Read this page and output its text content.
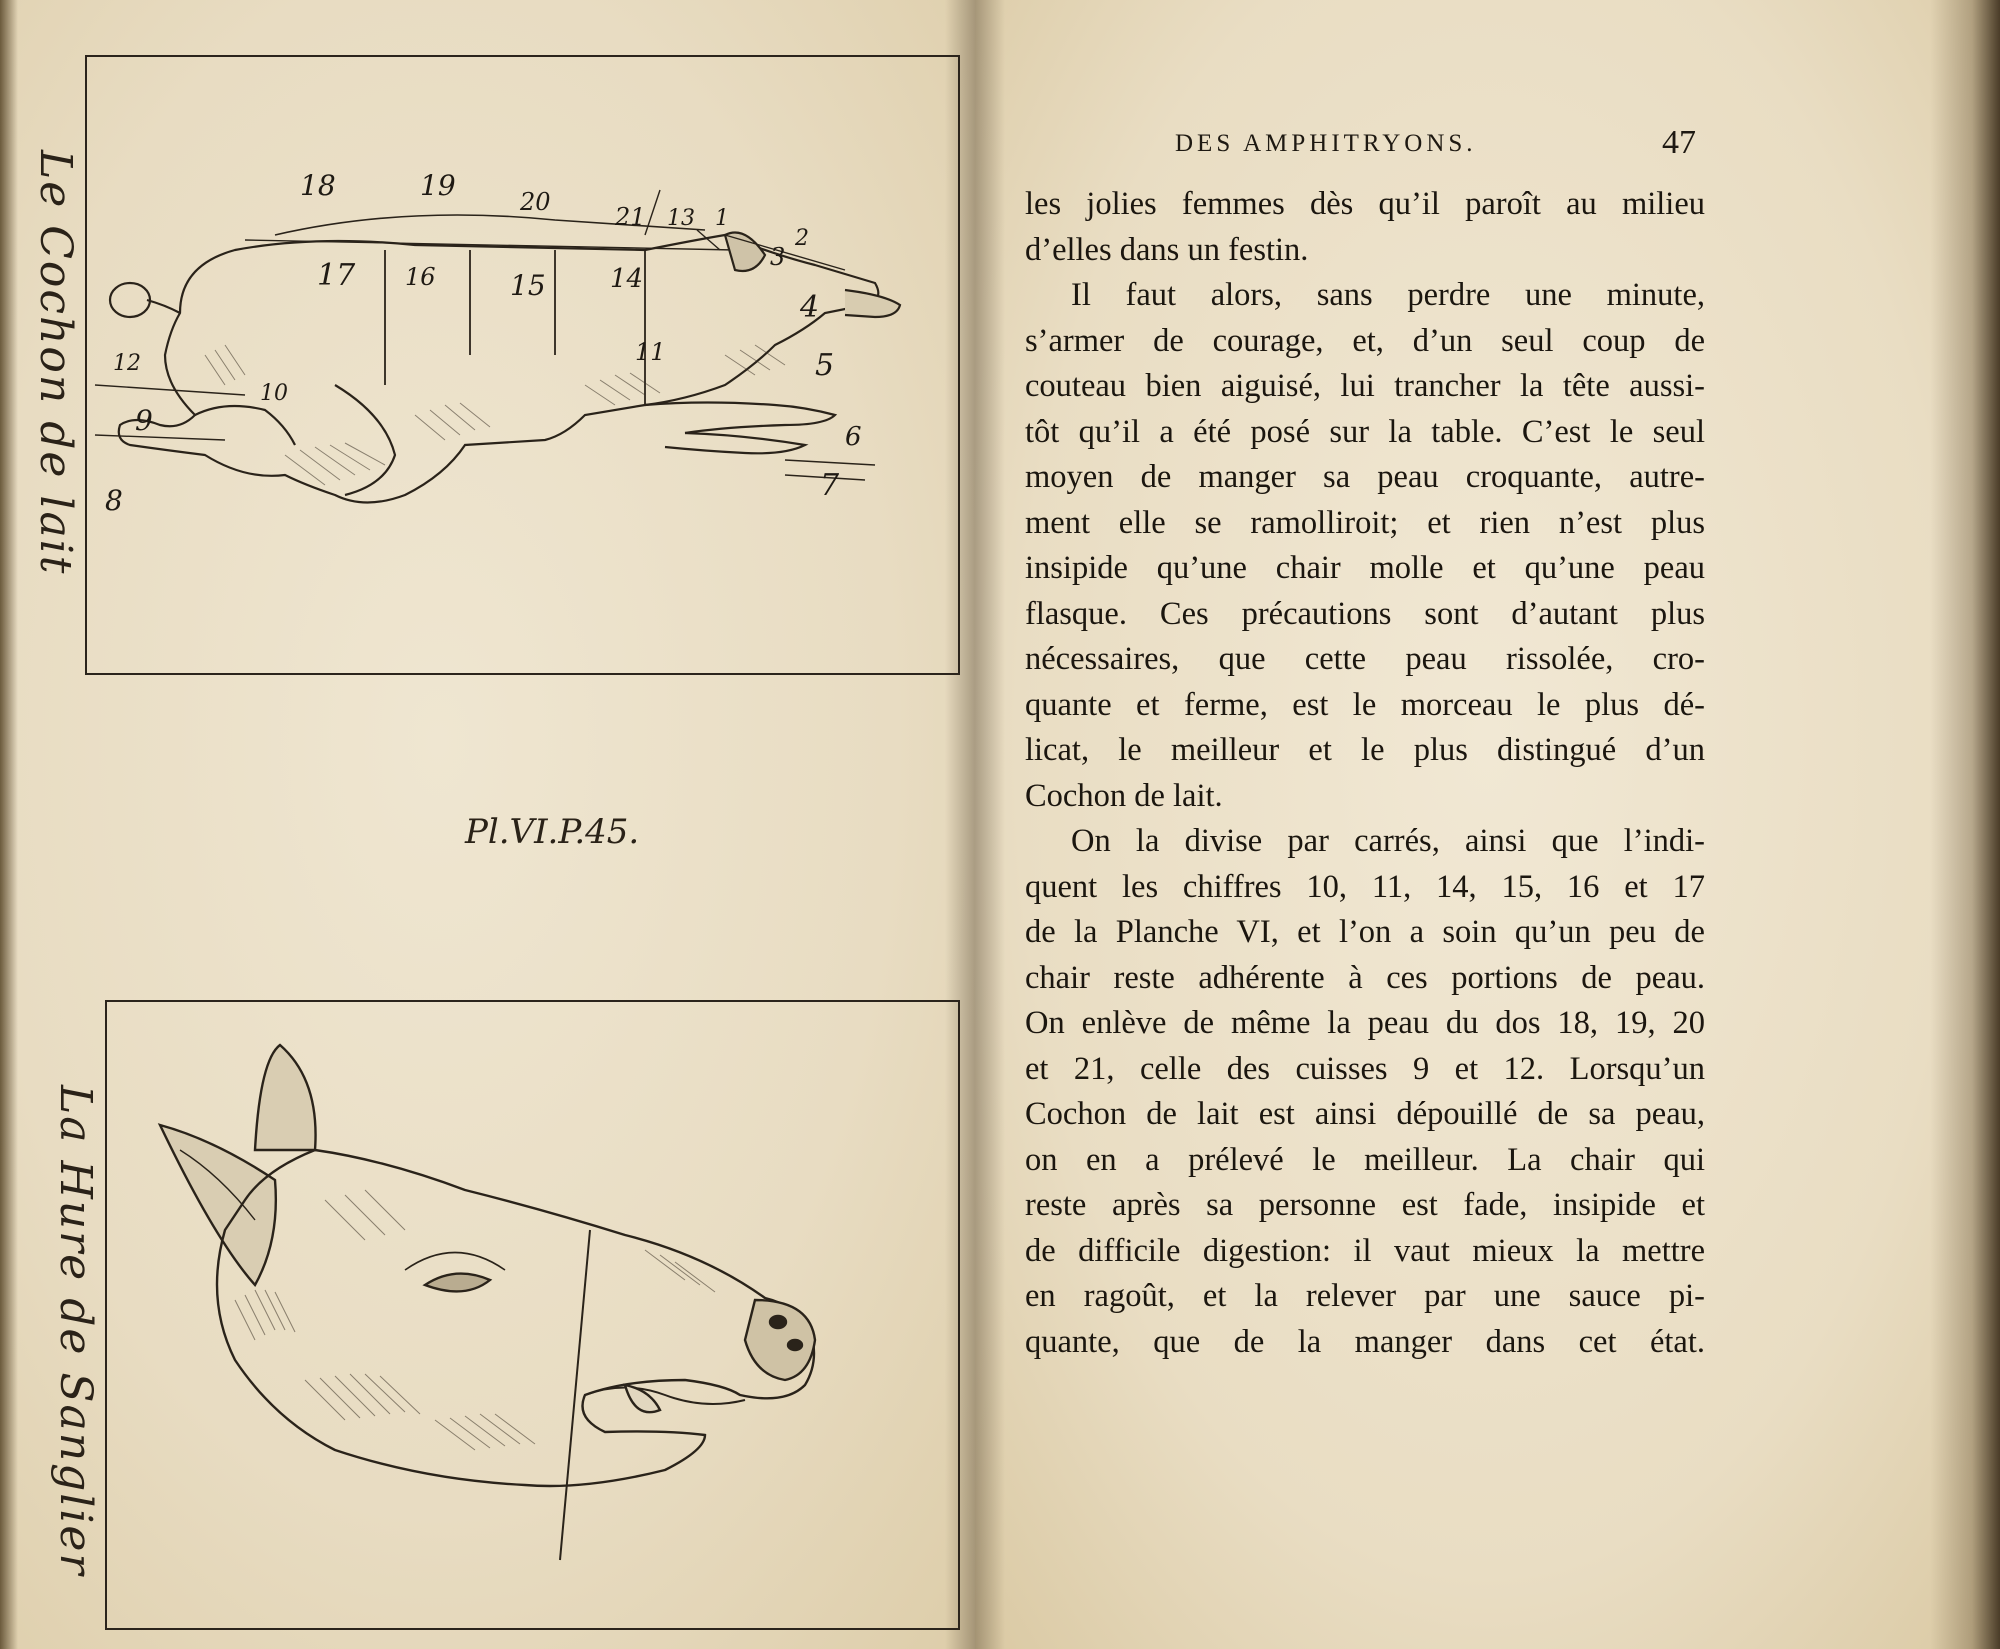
18	19	20
21 13 1
2
3
4
5
6
7
8
9
10
11
12
14
15
16
17
Le Cochon de lait
Pl.VI.P.45.
La Hure de Sanglier
DES AMPHITRYONS.	47
les jolies femmes dès qu’il paroît au milieu
d’elles dans un festin.
Il faut alors, sans perdre une minute,
s’armer de courage, et, d’un seul coup de
couteau bien aiguisé, lui trancher la tête aussi-
tôt qu’il a été posé sur la table. C’est le seul
moyen de manger sa peau croquante, autre-
ment elle se ramolliroit; et rien n’est plus
insipide qu’une chair molle et qu’une peau
flasque. Ces précautions sont d’autant plus
nécessaires, que cette peau rissolée, cro-
quante et ferme, est le morceau le plus dé-
licat, le meilleur et le plus distingué d’un
Cochon de lait.
On la divise par carrés, ainsi que l’indi-
quent les chiffres 10, 11, 14, 15, 16 et 17
de la Planche VI, et l’on a soin qu’un peu de
chair reste adhérente à ces portions de peau.
On enlève de même la peau du dos 18, 19, 20
et 21, celle des cuisses 9 et 12. Lorsqu’un
Cochon de lait est ainsi dépouillé de sa peau,
on en a prélevé le meilleur. La chair qui
reste après sa personne est fade, insipide et
de difficile digestion: il vaut mieux la mettre
en ragoût, et la relever par une sauce pi-
quante, que de la manger dans cet état.
